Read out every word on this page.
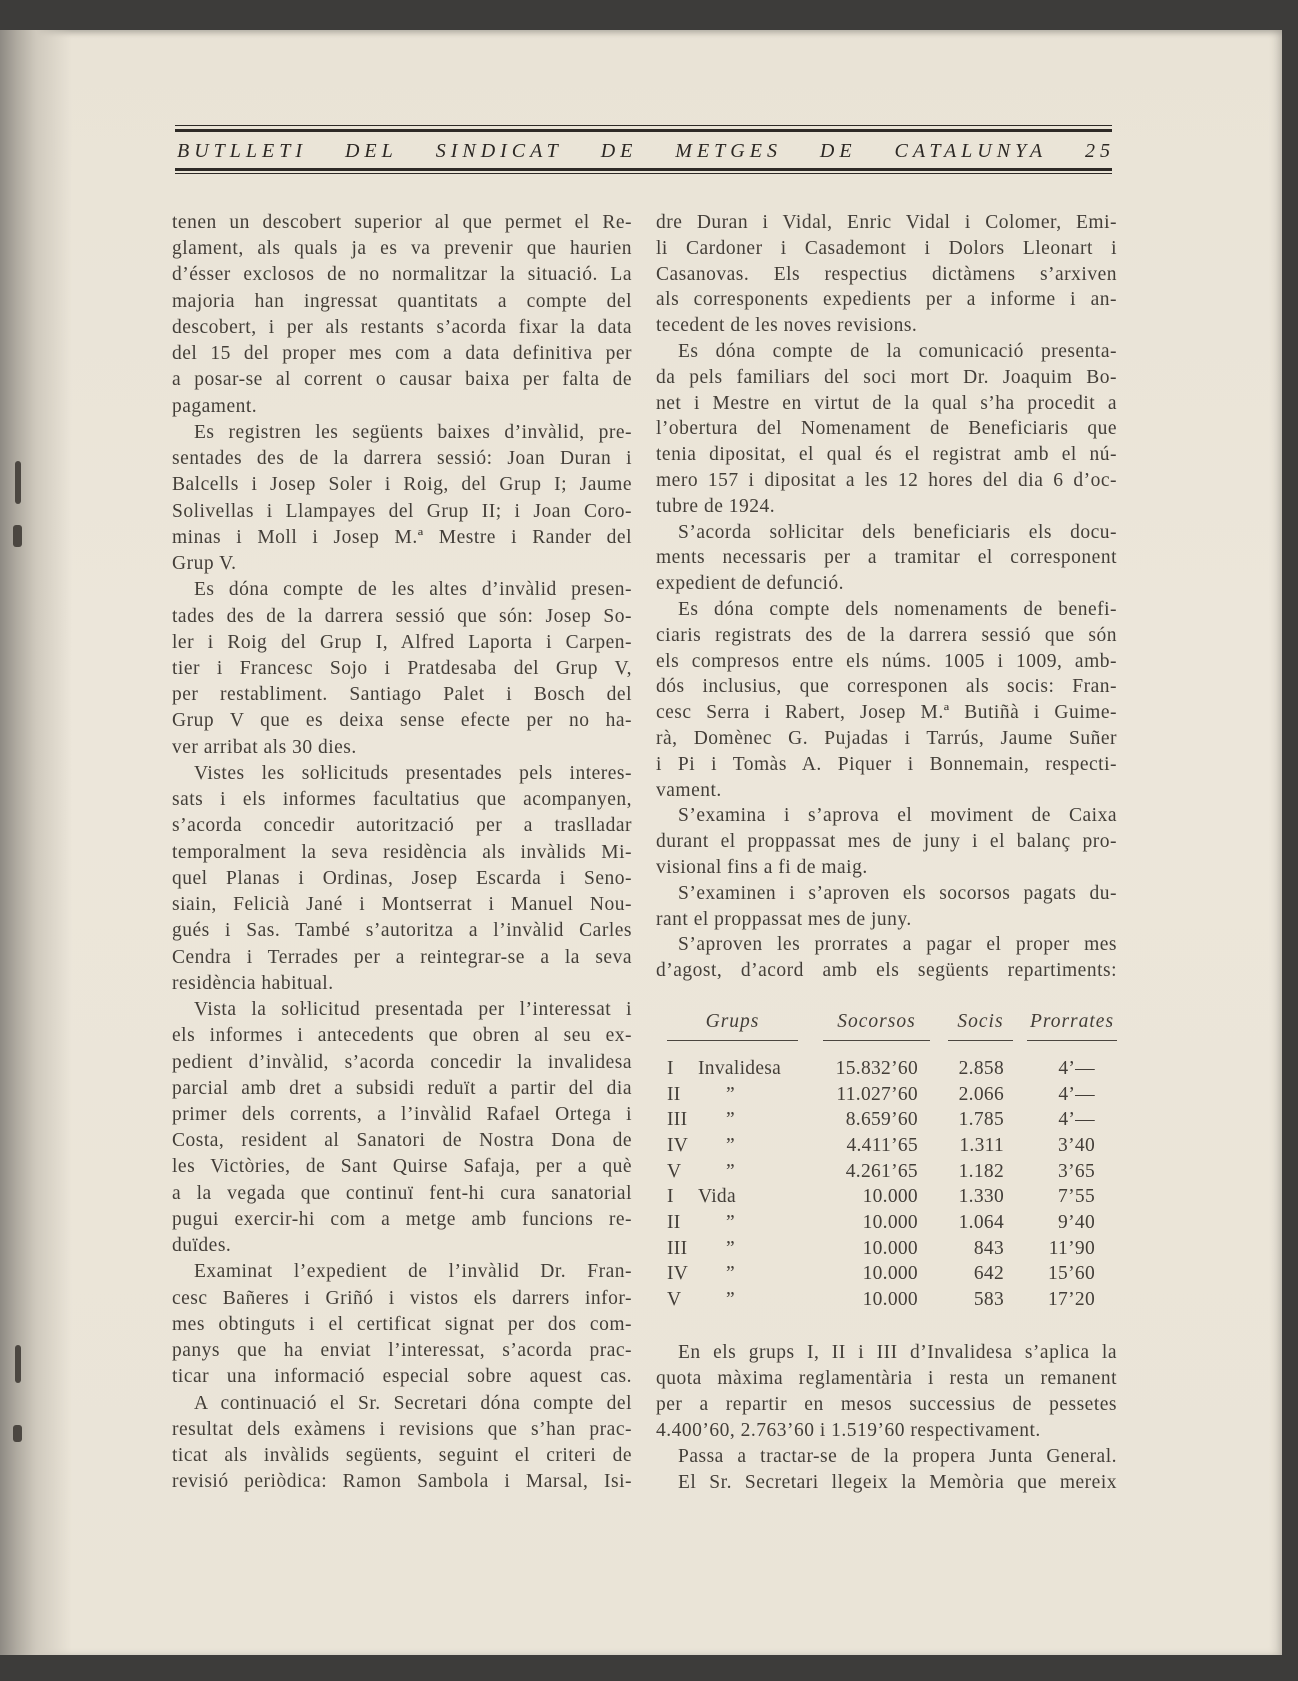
BUTLLETI DEL SINDICAT DE METGES DE CATALUNYA 25
tenen un descobert superior al que permet el Re-
glament, als quals ja es va prevenir que haurien
d’ésser exclosos de no normalitzar la situació. La
majoria han ingressat quantitats a compte del
descobert, i per als restants s’acorda fixar la data
del 15 del proper mes com a data definitiva per
a posar-se al corrent o causar baixa per falta de
pagament.
Es registren les següents baixes d’invàlid, pre-
sentades des de la darrera sessió: Joan Duran i
Balcells i Josep Soler i Roig, del Grup I; Jaume
Solivellas i Llampayes del Grup II; i Joan Coro-
minas i Moll i Josep M.ª Mestre i Rander del
Grup V.
Es dóna compte de les altes d’invàlid presen-
tades des de la darrera sessió que són: Josep So-
ler i Roig del Grup I, Alfred Laporta i Carpen-
tier i Francesc Sojo i Pratdesaba del Grup V,
per restabliment. Santiago Palet i Bosch del
Grup V que es deixa sense efecte per no ha-
ver arribat als 30 dies.
Vistes les soŀlicituds presentades pels interes-
sats i els informes facultatius que acompanyen,
s’acorda concedir autorització per a traslladar
temporalment la seva residència als invàlids Mi-
quel Planas i Ordinas, Josep Escarda i Seno-
siain, Felicià Jané i Montserrat i Manuel Nou-
gués i Sas. També s’autoritza a l’invàlid Carles
Cendra i Terrades per a reintegrar-se a la seva
residència habitual.
Vista la soŀlicitud presentada per l’interessat i
els informes i antecedents que obren al seu ex-
pedient d’invàlid, s’acorda concedir la invalidesa
parcial amb dret a subsidi reduït a partir del dia
primer dels corrents, a l’invàlid Rafael Ortega i
Costa, resident al Sanatori de Nostra Dona de
les Victòries, de Sant Quirse Safaja, per a què
a la vegada que continuï fent-hi cura sanatorial
pugui exercir-hi com a metge amb funcions re-
duïdes.
Examinat l’expedient de l’invàlid Dr. Fran-
cesc Bañeres i Griñó i vistos els darrers infor-
mes obtinguts i el certificat signat per dos com-
panys que ha enviat l’interessat, s’acorda prac-
ticar una informació especial sobre aquest cas.
A continuació el Sr. Secretari dóna compte del
resultat dels exàmens i revisions que s’han prac-
ticat als invàlids següents, seguint el criteri de
revisió periòdica: Ramon Sambola i Marsal, Isi-
dre Duran i Vidal, Enric Vidal i Colomer, Emi-
li Cardoner i Casademont i Dolors Lleonart i
Casanovas. Els respectius dictàmens s’arxiven
als corresponents expedients per a informe i an-
tecedent de les noves revisions.
Es dóna compte de la comunicació presenta-
da pels familiars del soci mort Dr. Joaquim Bo-
net i Mestre en virtut de la qual s’ha procedit a
l’obertura del Nomenament de Beneficiaris que
tenia dipositat, el qual és el registrat amb el nú-
mero 157 i dipositat a les 12 hores del dia 6 d’oc-
tubre de 1924.
S’acorda soŀlicitar dels beneficiaris els docu-
ments necessaris per a tramitar el corresponent
expedient de defunció.
Es dóna compte dels nomenaments de benefi-
ciaris registrats des de la darrera sessió que són
els compresos entre els núms. 1005 i 1009, amb-
dós inclusius, que corresponen als socis: Fran-
cesc Serra i Rabert, Josep M.ª Butiñà i Guime-
rà, Domènec G. Pujadas i Tarrús, Jaume Suñer
i Pi i Tomàs A. Piquer i Bonnemain, respecti-
vament.
S’examina i s’aprova el moviment de Caixa
durant el proppassat mes de juny i el balanç pro-
visional fins a fi de maig.
S’examinen i s’aproven els socorsos pagats du-
rant el proppassat mes de juny.
S’aproven les prorrates a pagar el proper mes
d’agost, d’acord amb els següents repartiments:
Grups	Socorsos	Socis	Prorrates
I Invalidesa	15.832’60 2.858	4’—
II ”	11.027’60 2.066	4’—
III ”	8.659’60 1.785	4’—
IV ”	4.411’65 1.311	3’40
V ”	4.261’65 1.182	3’65
I Vida	10.000 1.330	7’55
II ”	10.000 1.064	9’40
III ”	10.000	843 11’90
IV ”	10.000	642 15’60
V ”	10.000	583 17’20
En els grups I, II i III d’Invalidesa s’aplica la
quota màxima reglamentària i resta un remanent
per a repartir en mesos successius de pessetes
4.400’60, 2.763’60 i 1.519’60 respectivament.
Passa a tractar-se de la propera Junta General.
El Sr. Secretari llegeix la Memòria que mereix
